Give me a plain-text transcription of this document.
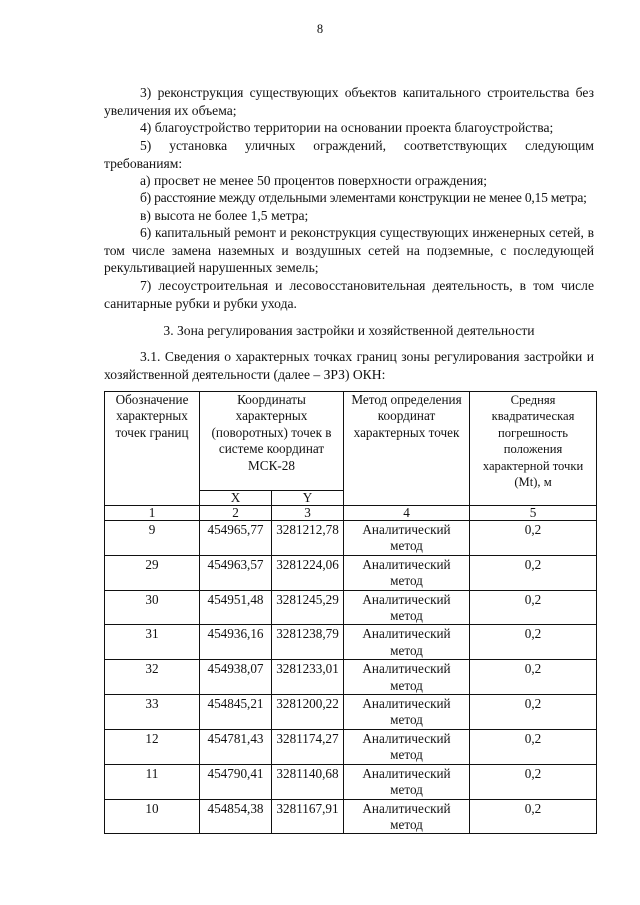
8
3) реконструкция существующих объектов капитального строительства без увеличения их объема;
4) благоустройство территории на основании проекта благоустройства;
5) установка уличных ограждений, соответствующих следующим требованиям:
а) просвет не менее 50 процентов поверхности ограждения;
б) расстояние между отдельными элементами конструкции не менее 0,15 метра;
в) высота не более 1,5 метра;
6) капитальный ремонт и реконструкция существующих инженерных сетей, в том числе замена наземных и воздушных сетей на подземные, с последующей рекультивацией нарушенных земель;
7) лесоустроительная и лесовосстановительная деятельность, в том числе санитарные рубки и рубки ухода.
3. Зона регулирования застройки и хозяйственной деятельности
3.1. Сведения о характерных точках границ зоны регулирования застройки и хозяйственной деятельности (далее – ЗРЗ) ОКН:
Обозначение характерных точек границ	Координаты характерных (поворотных) точек в системе координат МСК-28		Метод определения координат характерных точек	Средняя квадратическая погрешность положения характерной точки (Mt), м
	X	Y		
1	2	3	4	5
9	454965,77	3281212,78	Аналитический метод	0,2
29	454963,57	3281224,06	Аналитический метод	0,2
30	454951,48	3281245,29	Аналитический метод	0,2
31	454936,16	3281238,79	Аналитический метод	0,2
32	454938,07	3281233,01	Аналитический метод	0,2
33	454845,21	3281200,22	Аналитический метод	0,2
12	454781,43	3281174,27	Аналитический метод	0,2
11	454790,41	3281140,68	Аналитический метод	0,2
10	454854,38	3281167,91	Аналитический метод	0,2
